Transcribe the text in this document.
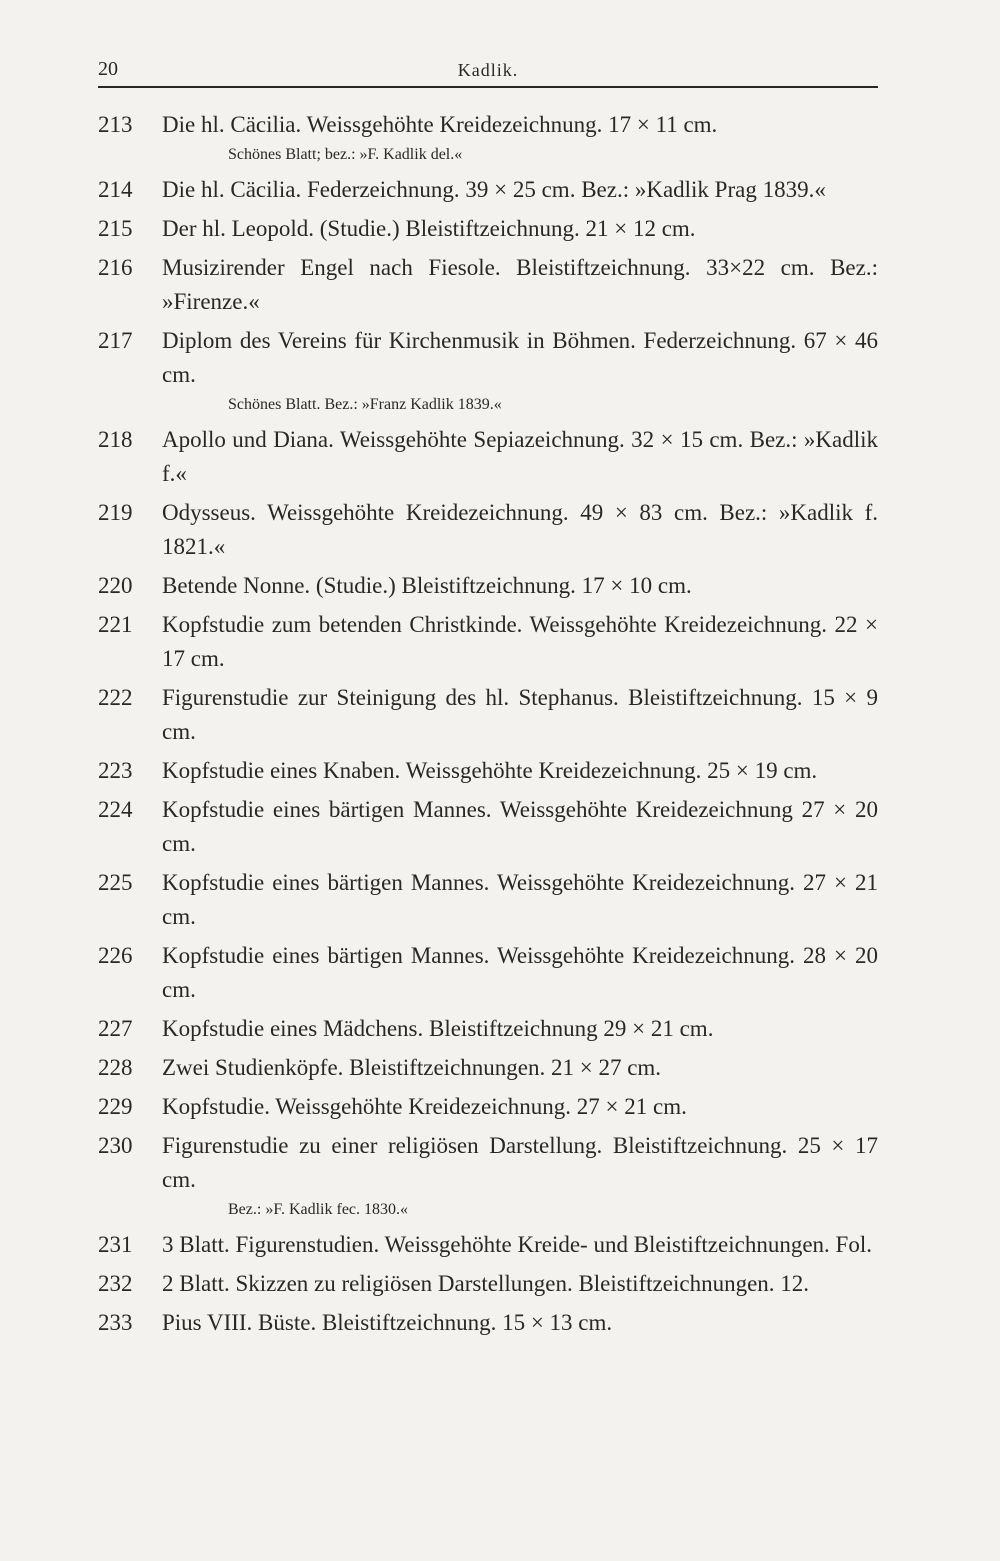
20	Kadlik.
213	Die hl. Cäcilia. Weissgehöhte Kreidezeichnung. 17 × 11 cm.

Schönes Blatt; bez.: »F. Kadlik del.«

214	Die hl. Cäcilia. Federzeichnung. 39 × 25 cm. Bez.: »Kadlik Prag 1839.«

215	Der hl. Leopold. (Studie.) Bleistiftzeichnung. 21 × 12 cm.

216	Musizirender Engel nach Fiesole. Bleistiftzeichnung. 33×22 cm. Bez.: »Firenze.«

217	Diplom des Vereins für Kirchenmusik in Böhmen. Federzeichnung. 67 × 46 cm.

Schönes Blatt. Bez.: »Franz Kadlik 1839.«

218	Apollo und Diana. Weissgehöhte Sepiazeichnung. 32 × 15 cm. Bez.: »Kadlik f.«

219	Odysseus. Weissgehöhte Kreidezeichnung. 49 × 83 cm. Bez.: »Kadlik f. 1821.«

220	Betende Nonne. (Studie.) Bleistiftzeichnung. 17 × 10 cm.

221	Kopfstudie zum betenden Christkinde. Weissgehöhte Kreidezeichnung. 22 × 17 cm.

222	Figurenstudie zur Steinigung des hl. Stephanus. Bleistiftzeichnung. 15 × 9 cm.

223	Kopfstudie eines Knaben. Weissgehöhte Kreidezeichnung. 25 × 19 cm.

224	Kopfstudie eines bärtigen Mannes. Weissgehöhte Kreidezeichnung 27 × 20 cm.

225	Kopfstudie eines bärtigen Mannes. Weissgehöhte Kreidezeichnung. 27 × 21 cm.

226	Kopfstudie eines bärtigen Mannes. Weissgehöhte Kreidezeichnung. 28 × 20 cm.

227	Kopfstudie eines Mädchens. Bleistiftzeichnung 29 × 21 cm.

228	Zwei Studienköpfe. Bleistiftzeichnungen. 21 × 27 cm.

229	Kopfstudie. Weissgehöhte Kreidezeichnung. 27 × 21 cm.

230	Figurenstudie zu einer religiösen Darstellung. Bleistiftzeichnung. 25 × 17 cm.

Bez.: »F. Kadlik fec. 1830.«

231	3 Blatt. Figurenstudien. Weissgehöhte Kreide- und Bleistiftzeichnungen. Fol.

232	2 Blatt. Skizzen zu religiösen Darstellungen. Bleistiftzeichnungen. 12.

233	Pius VIII. Büste. Bleistiftzeichnung. 15 × 13 cm.
